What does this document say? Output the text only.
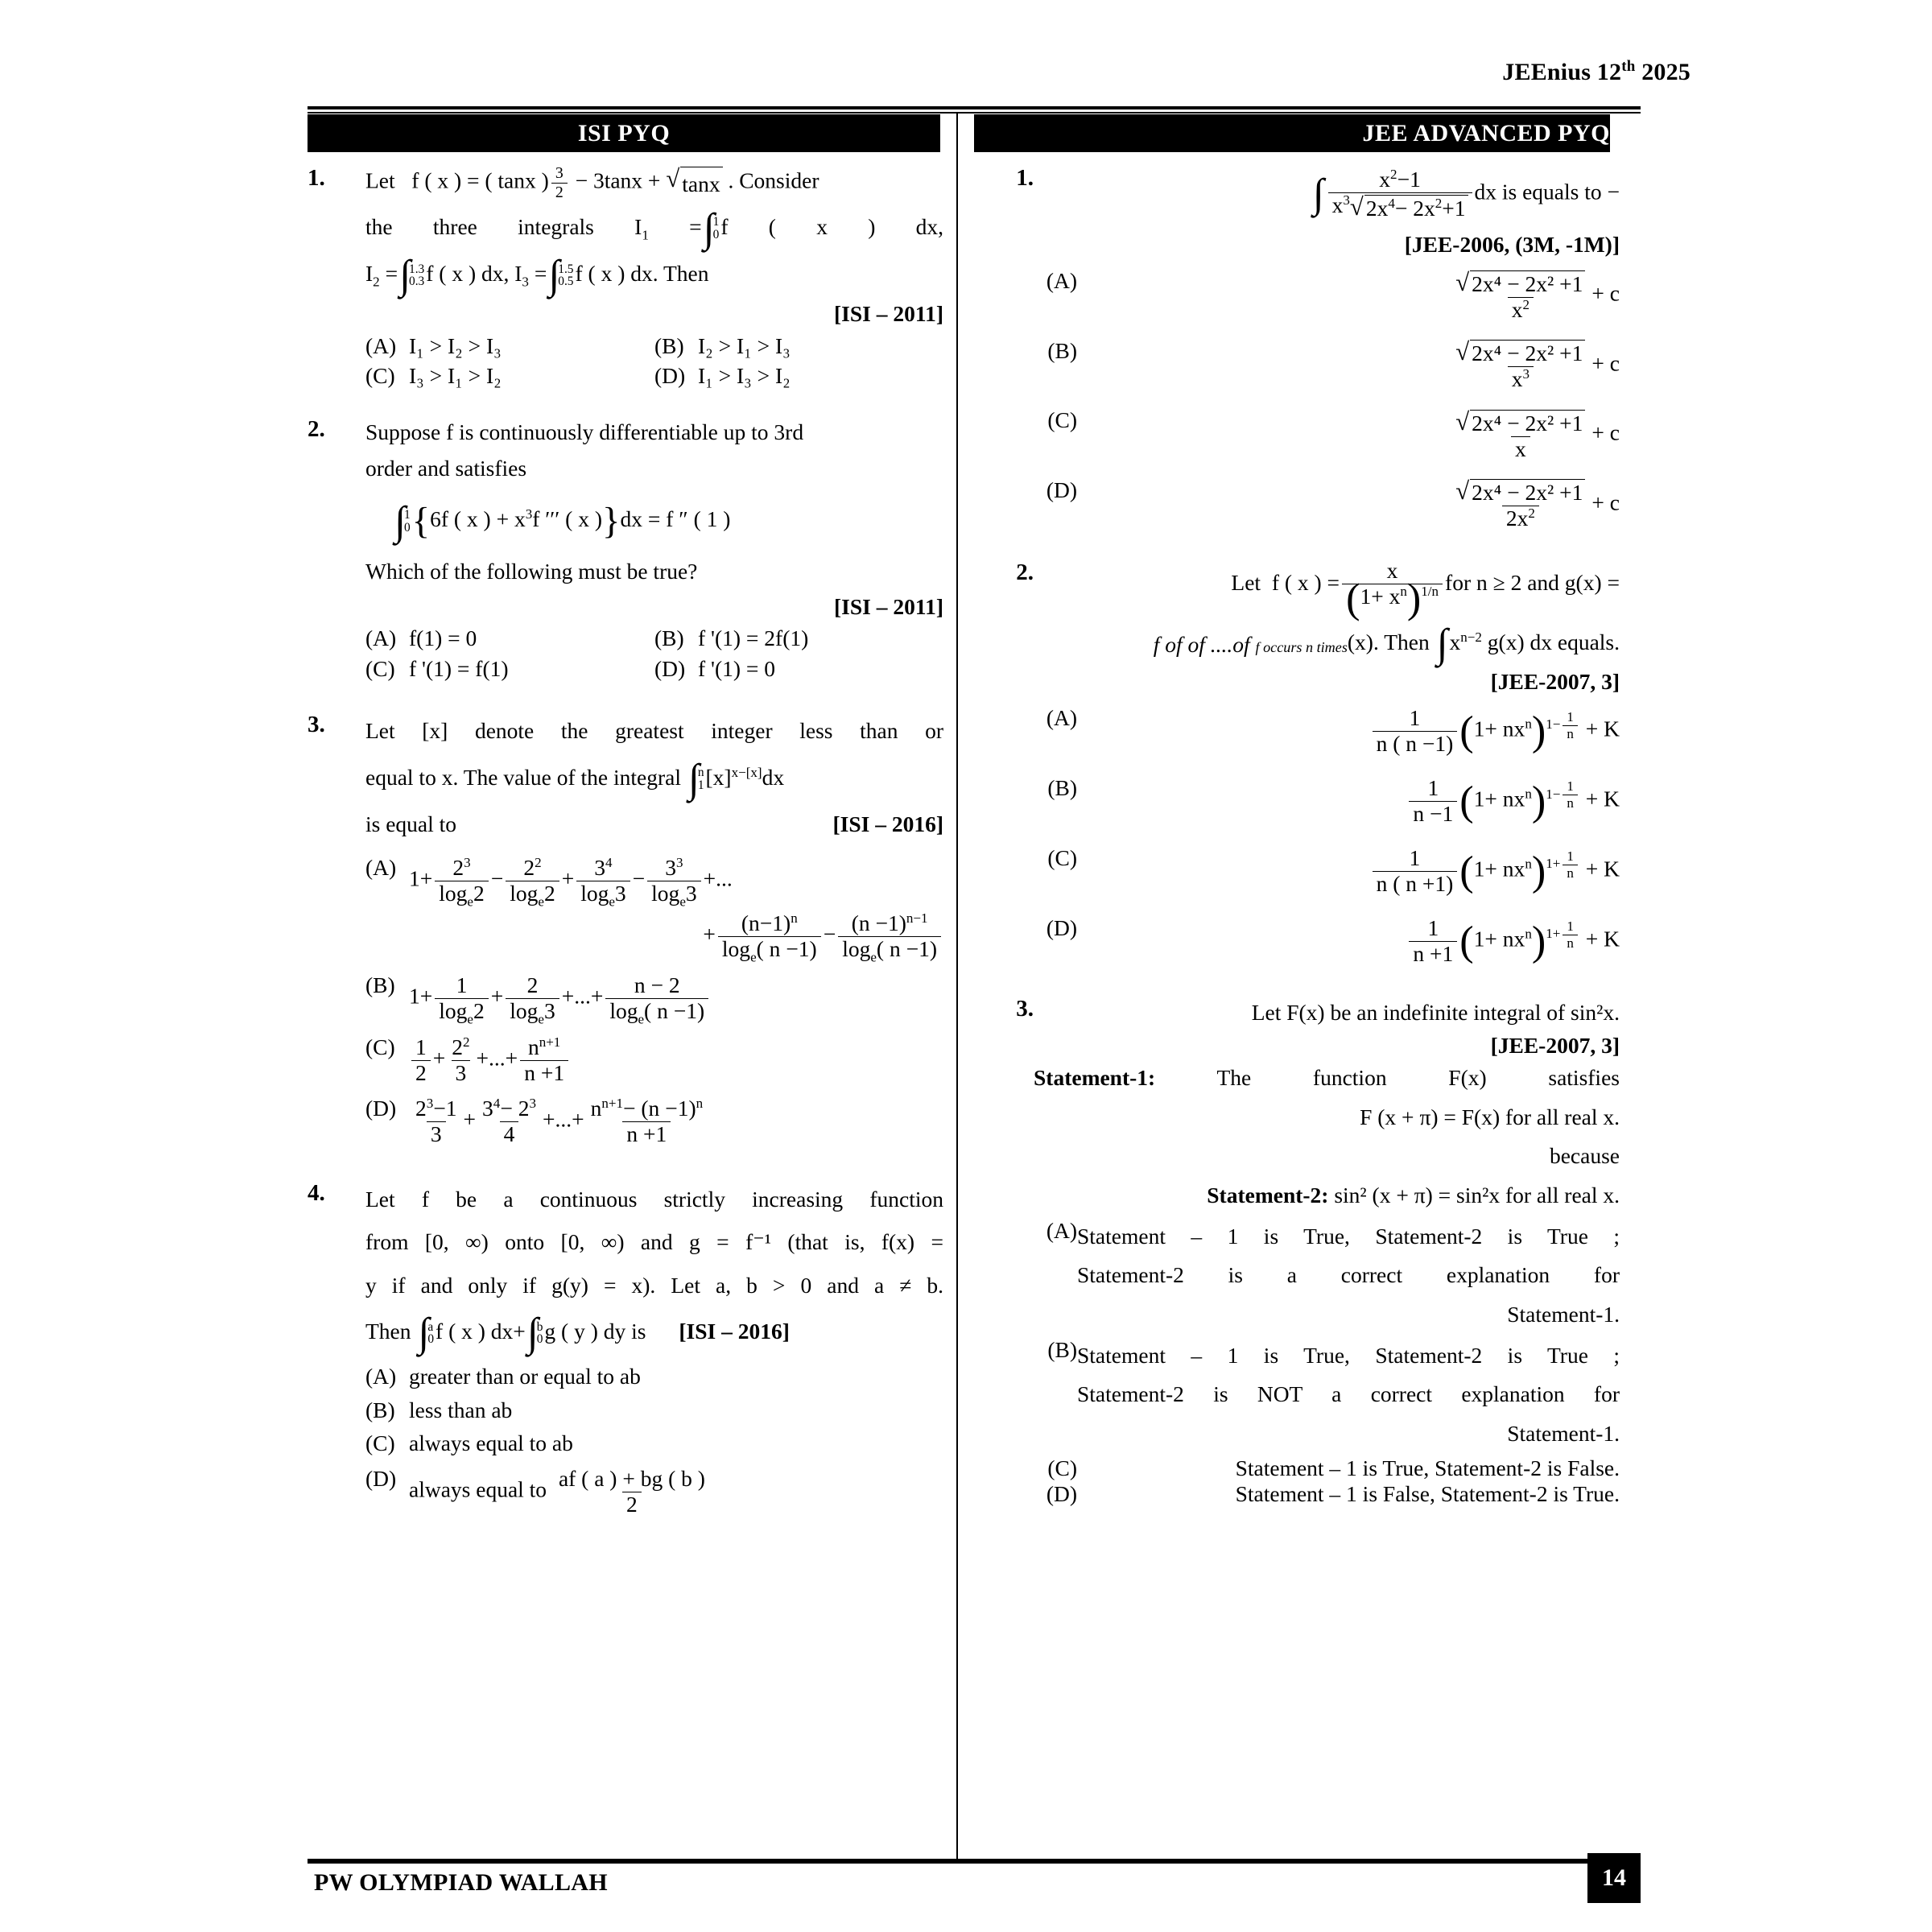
JEEnius 12th 2025
ISI PYQ	JEE ADVANCED PYQ
1.	Let f ( x ) = ( tanx ) $\frac{3}{2} - 3\tan x$ + √ tanx . Consider
the three integrals $I_1$ = ∫
1
0 f ( x ) dx,
$I_2$ = ∫
1.3
0.3 f ( x ) dx, $I_3$ = ∫
1.5
0.5 f ( x ) dx. Then
[ISI – 2011]
(A) I₁ > I₂ > I₃	(B) I₂ > I₁ > I₃
(C) I₃ > I₁ > I₂	(D) I₁ > I₃ > I₂
2.	Suppose f is continuously differentiable up to 3rd
order and satisfies
∫
1
0 {6f ( x ) + $x^3f$ ′′′ ( x )}dx = f ″ ( 1 )
Which of the following must be true?
[ISI – 2011]
(A) f(1) = 0	(B) f '(1) = 2f(1)
(C) f '(1) = f(1)	(D) f '(1) = 0
3.	Let [x] denote the greatest integer less than or
equal to x. The value of the integral ∫
n
1 $[x]^{x-[x]}dx$
is equal to	[ISI – 2016]
(A) $1+ \frac{2^3}{\log_e2} - \frac{2^2}{\log_e2} + \frac{3^4}{\log_e3} - \frac{3^3}{\log_e3}$ +...
+ $\frac{(n-1)^n}{\log_e( n -1)} - \frac{(n -1)^{n-1}}{\log_e( n -1)}$
(B) $1+ \frac{1}{\log_e2} + \frac{2}{\log_e3}$ +...+ $\frac{n - 2}{\log_e( n -1)}$
$(C) \frac{1}{2} + \frac{2^2}{3}$ +...+ $\frac{n^{n+1}}{n +1}$
$(D) \frac{2^3-1}{3} + \frac{3^4- 2^3}{4}$ +...+ $\frac{n^{n+1}- (n -1)^n}{n +1}$
4.	Let f be a continuous strictly increasing function
from [0, ∞) onto [0, ∞) and g = f⁻¹ (that is, f(x) =
y if and only if g(y) = x). Let a, b > 0 and a ≠ b.
Then ∫
a
0 f ( x ) dx+ ∫
b
0 g ( y ) dy is [ISI – 2016]
(A) greater than or equal to ab
(B) less than ab
(C) always equal to ab
(D) always equal to $\frac{af ( a ) + bg ( b )}{2}$
1.	∫ $\frac{x^2-1}{x^3 √ 2x^4- 2x^2+1}$ dx is equals to −
[JEE-2006, (3M, -1M)]
(A)	$\frac{\text{√ 2x⁴ − 2x² +1}}{x^2} + c$
(B)	$\frac{\text{√ 2x⁴ − 2x² +1}}{x^3} + c$
(C)	$\frac{\text{√ 2x⁴ − 2x² +1}}{x} + c$
(D)	$\frac{\text{√ 2x⁴ − 2x² +1}}{2x^2} + c$
2.	Let f ( x ) = $\frac{x}{(1+ x^n)^{1/n}}$ for n ≥ 2 and g(x) =
f of of ....of f occurs n times(x). Then ∫ $x^{n-2}$ g(x) dx equals.
[JEE-2007, 3]
(A)	$\frac{1}{n ( n -1)} (1+ nx^n)^{1- \frac{1}{n}} + K$
(B)	$\frac{1}{n -1} (1+ nx^n)^{1- \frac{1}{n}} + K$
(C)	$\frac{1}{n ( n +1)} (1+ nx^n)^{1+ \frac{1}{n}} + K$
(D)	$\frac{1}{n +1} (1+ nx^n)^{1+ \frac{1}{n}} + K$
3.	Let F(x) be an indefinite integral of sin²x.
[JEE-2007, 3]
Statement-1:	The function F(x) satisfies
F (x + π) = F(x) for all real x.
because
Statement-2: sin² (x + π) = sin²x for all real x.
(A) Statement – 1 is True, Statement-2 is True ;
Statement-2 is a correct explanation for
Statement-1.
(B) Statement – 1 is True, Statement-2 is True ;
Statement-2 is NOT a correct explanation for
Statement-1.
(C)	Statement – 1 is True, Statement-2 is False.
(D)	Statement – 1 is False, Statement-2 is True.
PW OLYMPIAD WALLAH	14
